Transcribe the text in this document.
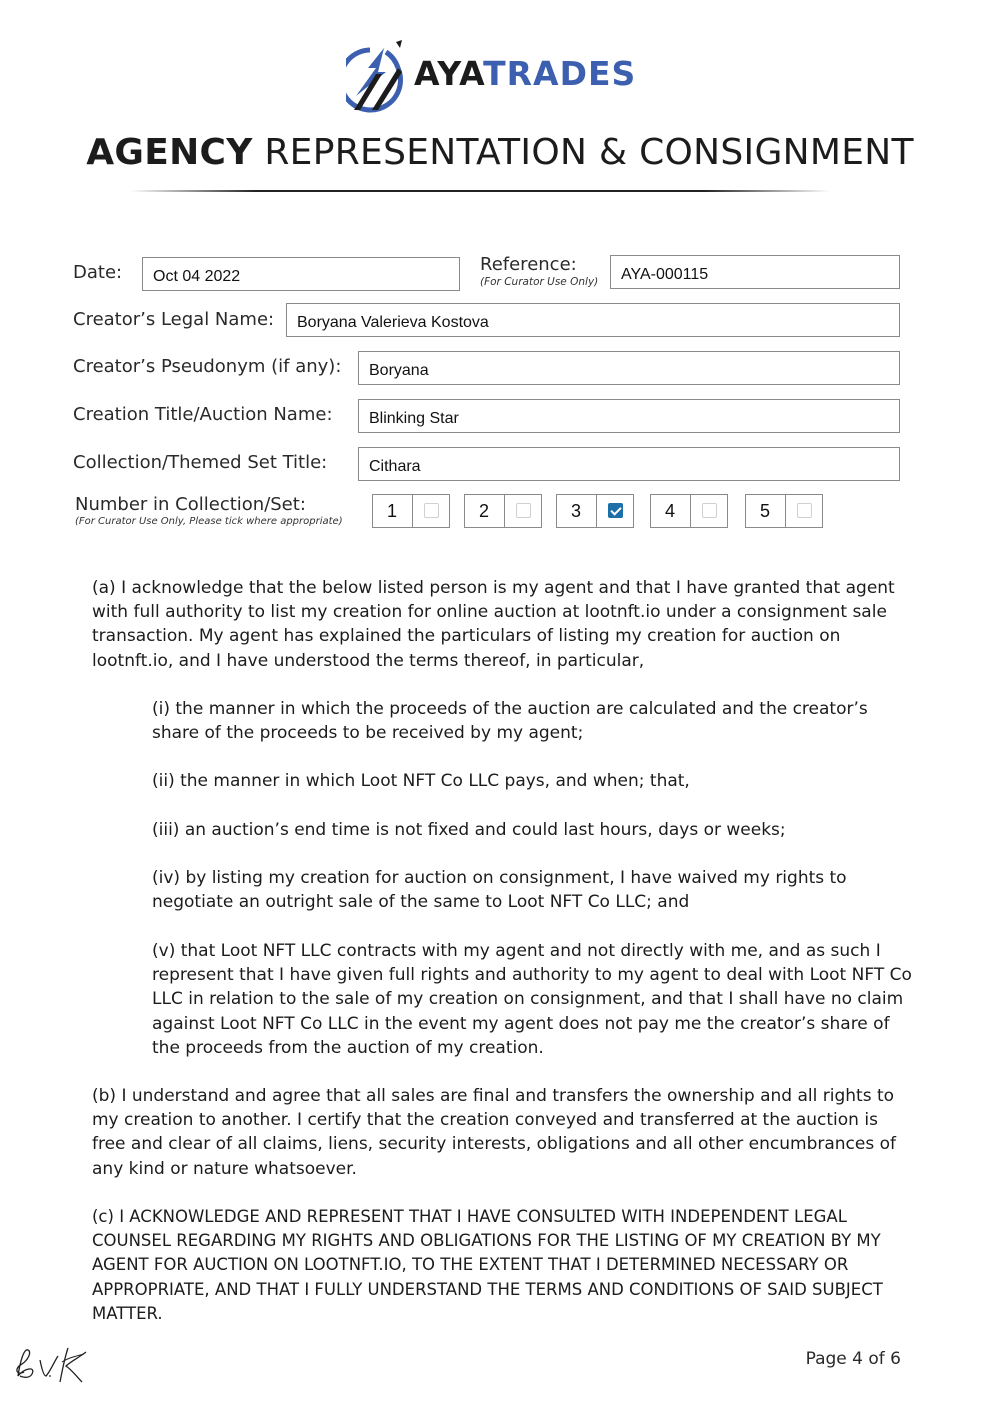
AYATRADES
AGENCY REPRESENTATION & CONSIGNMENT
Date:
Oct 04 2022	Reference:
(For Curator Use Only)
AYA-000115
Creator’s Legal Name:
Boryana Valerieva Kostova
Creator’s Pseudonym (if any):
Boryana
Creation Title/Auction Name:
Blinking Star
Collection/Themed Set Title:
Cithara
Number in Collection/Set:
(For Curator Use Only, Please tick where appropriate)
1	2	3	4	5

(a) I acknowledge that the below listed person is my agent and that I have granted that agent with full authority to list my creation for online auction at lootnft.io under a consignment sale transaction. My agent has explained the particulars of listing my creation for auction on lootnft.io, and I have understood the terms thereof, in particular,

(i) the manner in which the proceeds of the auction are calculated and the creator’s share of the proceeds to be received by my agent;

(ii) the manner in which Loot NFT Co LLC pays, and when; that,

(iii) an auction’s end time is not fixed and could last hours, days or weeks;

(iv) by listing my creation for auction on consignment, I have waived my rights to negotiate an outright sale of the same to Loot NFT Co LLC; and

(v) that Loot NFT LLC contracts with my agent and not directly with me, and as such I represent that I have given full rights and authority to my agent to deal with Loot NFT Co LLC in relation to the sale of my creation on consignment, and that I shall have no claim against Loot NFT Co LLC in the event my agent does not pay me the creator’s share of the proceeds from the auction of my creation.

(b) I understand and agree that all sales are final and transfers the ownership and all rights to my creation to another. I certify that the creation conveyed and transferred at the auction is free and clear of all claims, liens, security interests, obligations and all other encumbrances of any kind or nature whatsoever.

(c) I ACKNOWLEDGE AND REPRESENT THAT I HAVE CONSULTED WITH INDEPENDENT LEGAL COUNSEL REGARDING MY RIGHTS AND OBLIGATIONS FOR THE LISTING OF MY CREATION BY MY AGENT FOR AUCTION ON LOOTNFT.IO, TO THE EXTENT THAT I DETERMINED NECESSARY OR APPROPRIATE, AND THAT I FULLY UNDERSTAND THE TERMS AND CONDITIONS OF SAID SUBJECT MATTER.

Page 4 of 6
